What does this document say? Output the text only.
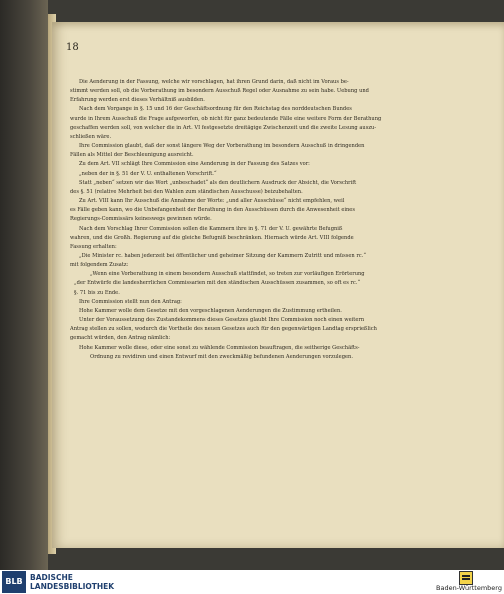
18
Die Aenderung in der Fassung, welche wir vorschlagen, hat ihren Grund darin, daß nicht im Voraus be-
stimmt werden soll, ob die Vorberathung im besondern Ausschuß Regel oder Ausnahme zu sein habe. Uebung und
Erfahrung werden erst dieses Verhältniß ausbilden.
Nach dem Vorgange in §. 15 und 16 der Geschäftsordnung für den Reichstag des norddeutschen Bundes
wurde in Ihrem Ausschuß die Frage aufgeworfen, ob nicht für ganz bedeutende Fälle eine weitere Form der Berathung
geschaffen werden soll, von welcher die in Art. VI festgesetzte dreitägige Zwischenzeit und die zweite Lesung auszu-
schließen wäre.
Ihre Commission glaubt, daß der sonst längere Weg der Vorberathung im besondern Ausschuß in dringenden
Fällen als Mittel der Beschleunigung ausreicht.
Zu dem Art. VII schlägt Ihre Commission eine Aenderung in der Fassung des Satzes vor:
„neben der in §. 51 der V. U. enthaltenen Vorschrift.“
Statt „neben“ setzen wir das Wort „unbeschadet“ als den deutlichern Ausdruck der Absicht, die Vorschrift
des §. 51 (relative Mehrheit bei den Wahlen zum ständischen Ausschusse) beizubehalten.
Zu Art. VIII kann Ihr Ausschuß die Annahme der Worte: „und aller Ausschüsse“ nicht empfehlen, weil
es Fälle geben kann, wo die Unbefangenheit der Berathung in den Ausschüssen durch die Anwesenheit eines
Regierungs-Commissärs keineswegs gewinnen würde.
Nach dem Vorschlag Ihrer Commission sollen die Kammern ihre in §. 71 der V. U. gewährte Befugniß
wahren, und die Großh. Regierung auf die gleiche Befugniß beschränken. Hiernach würde Art. VIII folgende
Fassung erhalten:
„Die Minister rc. haben jederzeit bei öffentlicher und geheimer Sitzung der Kammern Zutritt und müssen rc.“
mit folgendem Zusatz:
„Wenn eine Vorberathung in einem besondern Ausschuß stattfindet, so treten zur vorläufigen Erörterung
„der Entwürfe die landesherrlichen Commissarien mit den ständischen Ausschüssen zusammen, so oft es rc.“
§. 71 bis zu Ende.
Ihre Commission stellt nun den Antrag:
Hohe Kammer wolle dem Gesetze mit den vorgeschlagenen Aenderungen die Zustimmung ertheilen.
Unter der Voraussetzung des Zustandekommens dieses Gesetzes glaubt Ihre Commission noch einen weitern
Antrag stellen zu sollen, wodurch die Vortheile des neuen Gesetzes auch für den gegenwärtigen Landtag ersprießlich
gemacht würden, den Antrag nämlich:
Hohe Kammer wolle diese, oder eine sonst zu wählende Commission beauftragen, die seitherige Geschäfts-
Ordnung zu revidiren und einen Entwurf mit den zweckmäßig befundenen Aenderungen vorzulegen.
BLB BADISCHE
LANDESBIBLIOTHEK	Baden-Württemberg
